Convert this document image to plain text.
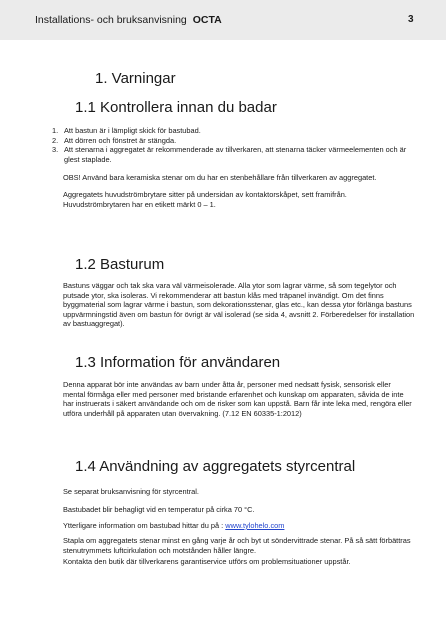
Installations- och bruksanvisning OCTA	3
1. Varningar
1.1 Kontrollera innan du badar
1. Att bastun är i lämpligt skick för bastubad.
2. Att dörren och fönstret är stängda.
3. Att stenarna i aggregatet är rekommenderade av tillverkaren, att stenarna täcker värmeelementen och är glest staplade.
OBS! Använd bara keramiska stenar om du har en stenbehållare från tillverkaren av aggregatet.
Aggregatets huvudströmbrytare sitter på undersidan av kontaktorskåpet, sett framifrån. Huvudströmbrytaren har en etikett märkt 0 – 1.
1.2 Basturum
Bastuns väggar och tak ska vara väl värmeisolerade. Alla ytor som lagrar värme, så som tegelytor och putsade ytor, ska isoleras. Vi rekommenderar att bastun klås med träpanel invändigt. Om det finns byggmaterial som lagrar värme i bastun, som dekorationsstenar, glas etc., kan dessa ytor förlänga bastuns uppvärmningstid även om bastun för övrigt är väl isolerad (se sida 4, avsnitt 2. Förberedelser för installation av bastuaggregat).
1.3 Information för användaren
Denna apparat bör inte användas av barn under åtta år, personer med nedsatt fysisk, sensorisk eller mental förmåga eller med personer med bristande erfarenhet och kunskap om apparaten, såvida de inte har instruerats i säkert användande och om de risker som kan uppstå. Barn får inte leka med, rengöra eller utföra underhåll på apparaten utan övervakning. (7.12 EN 60335-1:2012)
1.4 Användning av aggregatets styrcentral
Se separat bruksanvisning för styrcentral.
Bastubadet blir behagligt vid en temperatur på cirka 70 °C.
Ytterligare information om bastubad hittar du på : www.tylohelo.com
Stapla om aggregatets stenar minst en gång varje år och byt ut söndervittrade stenar. På så sätt förbättras stenutrymmets luftcirkulation och motstånden håller längre.
Kontakta den butik där tillverkarens garantiservice utförs om problemsituationer uppstår.
